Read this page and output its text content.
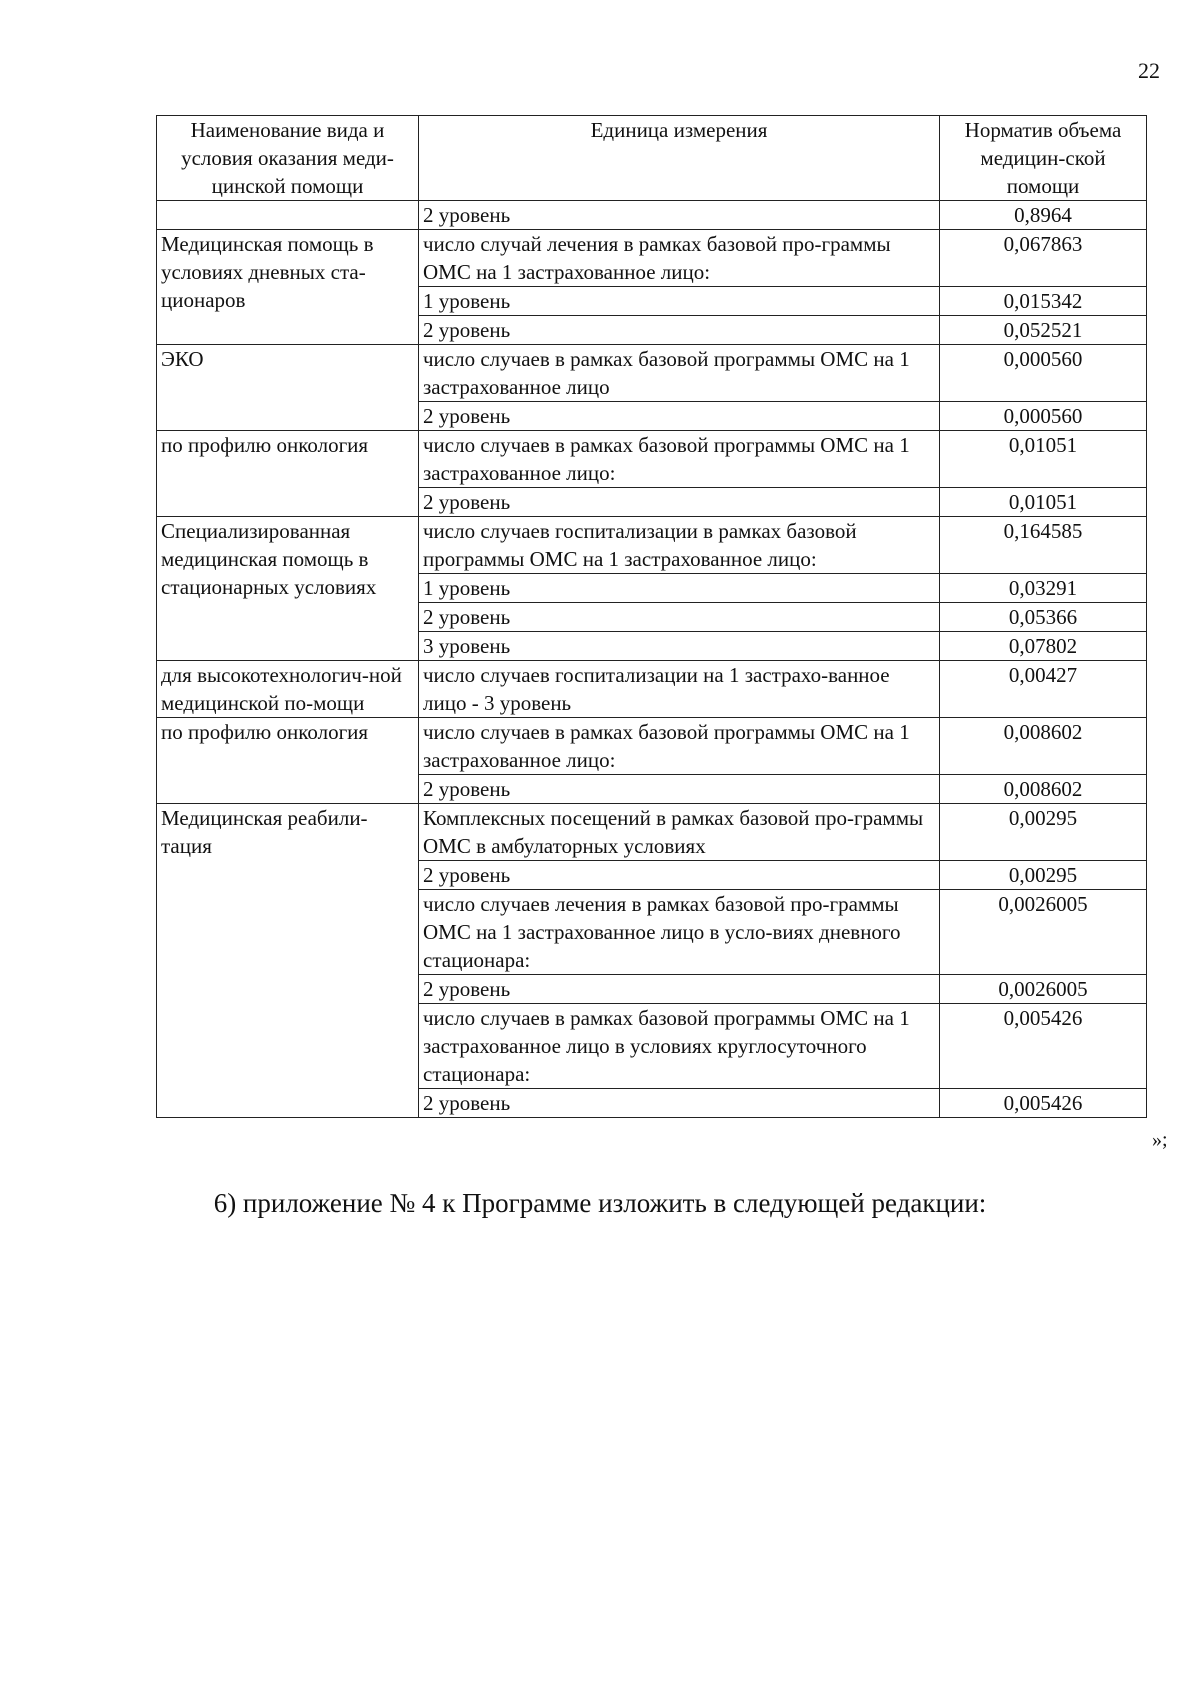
22
Наименование вида и условия оказания меди-цинской помощи	Единица измерения	Норматив объема медицин-ской помощи
	2 уровень	0,8964
Медицинская помощь в условиях дневных ста-ционаров	число случай лечения в рамках базовой про-граммы ОМС на 1 застрахованное лицо:	0,067863
	1 уровень	0,015342
	2 уровень	0,052521
ЭКО	число случаев в рамках базовой программы ОМС на 1 застрахованное лицо	0,000560
	2 уровень	0,000560
по профилю онкология	число случаев в рамках базовой программы ОМС на 1 застрахованное лицо:	0,01051
	2 уровень	0,01051
Специализированная медицинская помощь в стационарных условиях	число случаев госпитализации в рамках базовой программы ОМС на 1 застрахованное лицо:	0,164585
	1 уровень	0,03291
	2 уровень	0,05366
	3 уровень	0,07802
для высокотехнологич-ной медицинской по-мощи	число случаев госпитализации на 1 застрахо-ванное лицо - 3 уровень	0,00427
по профилю онкология	число случаев в рамках базовой программы ОМС на 1 застрахованное лицо:	0,008602
	2 уровень	0,008602
Медицинская реабили-тация	Комплексных посещений в рамках базовой про-граммы ОМС в амбулаторных условиях	0,00295
	2 уровень	0,00295
	число случаев лечения в рамках базовой про-граммы ОМС на 1 застрахованное лицо в усло-виях дневного стационара:	0,0026005
	2 уровень	0,0026005
	число случаев в рамках базовой программы ОМС на 1 застрахованное лицо в условиях круглосуточного стационара:	0,005426
	2 уровень	0,005426
»;
6) приложение № 4 к Программе изложить в следующей редакции:
